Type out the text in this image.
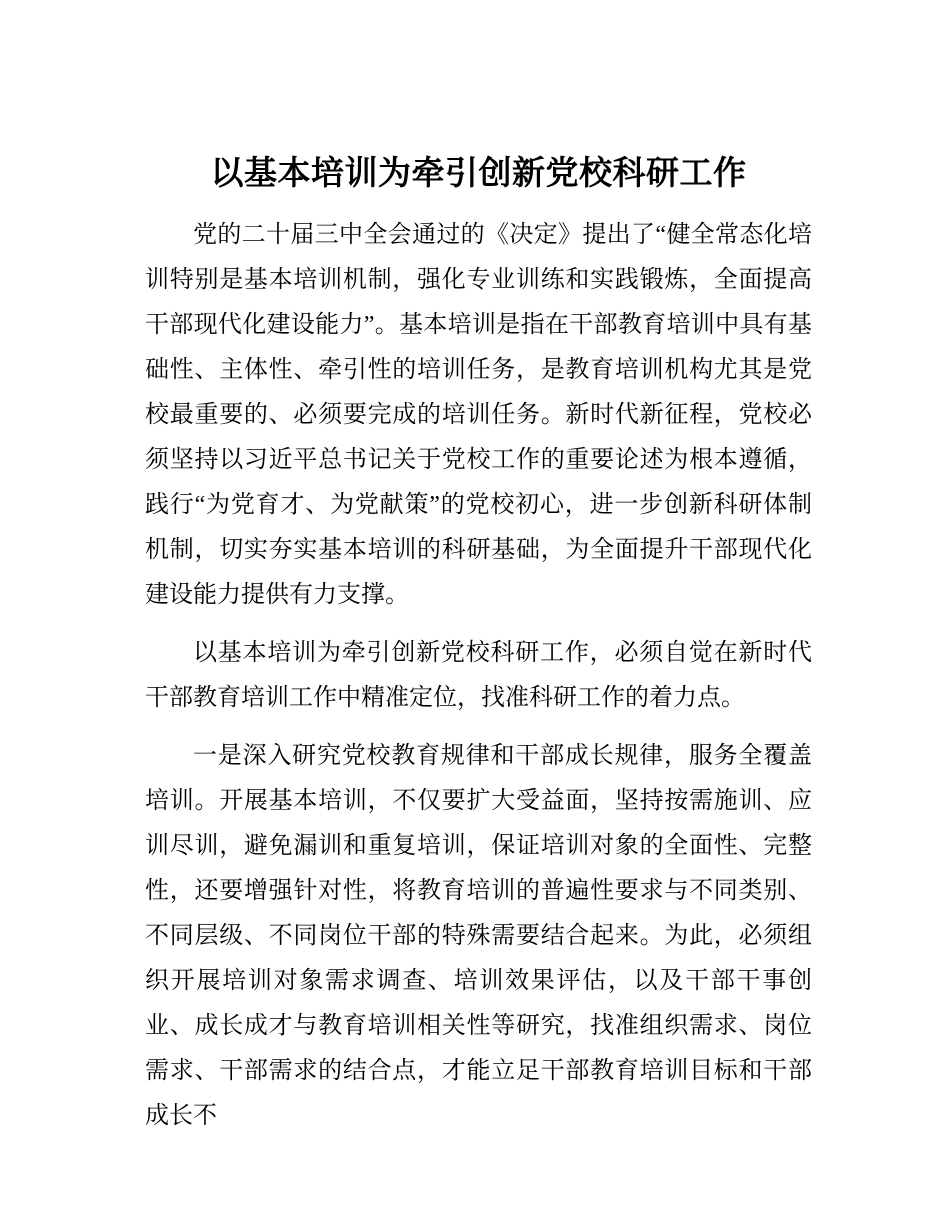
以基本培训为牵引创新党校科研工作

党的二十届三中全会通过的《决定》提出了“健全常态化培训特别是基本培训机制，强化专业训练和实践锻炼，全面提高干部现代化建设能力”。基本培训是指在干部教育培训中具有基础性、主体性、牵引性的培训任务，是教育培训机构尤其是党校最重要的、必须要完成的培训任务。新时代新征程，党校必须坚持以习近平总书记关于党校工作的重要论述为根本遵循，践行“为党育才、为党献策”的党校初心，进一步创新科研体制机制，切实夯实基本培训的科研基础，为全面提升干部现代化建设能力提供有力支撑。

以基本培训为牵引创新党校科研工作，必须自觉在新时代干部教育培训工作中精准定位，找准科研工作的着力点。

一是深入研究党校教育规律和干部成长规律，服务全覆盖培训。开展基本培训，不仅要扩大受益面，坚持按需施训、应训尽训，避免漏训和重复培训，保证培训对象的全面性、完整性，还要增强针对性，将教育培训的普遍性要求与不同类别、不同层级、不同岗位干部的特殊需要结合起来。为此，必须组织开展培训对象需求调查、培训效果评估，以及干部干事创业、成长成才与教育培训相关性等研究，找准组织需求、岗位需求、干部需求的结合点，才能立足干部教育培训目标和干部成长不
